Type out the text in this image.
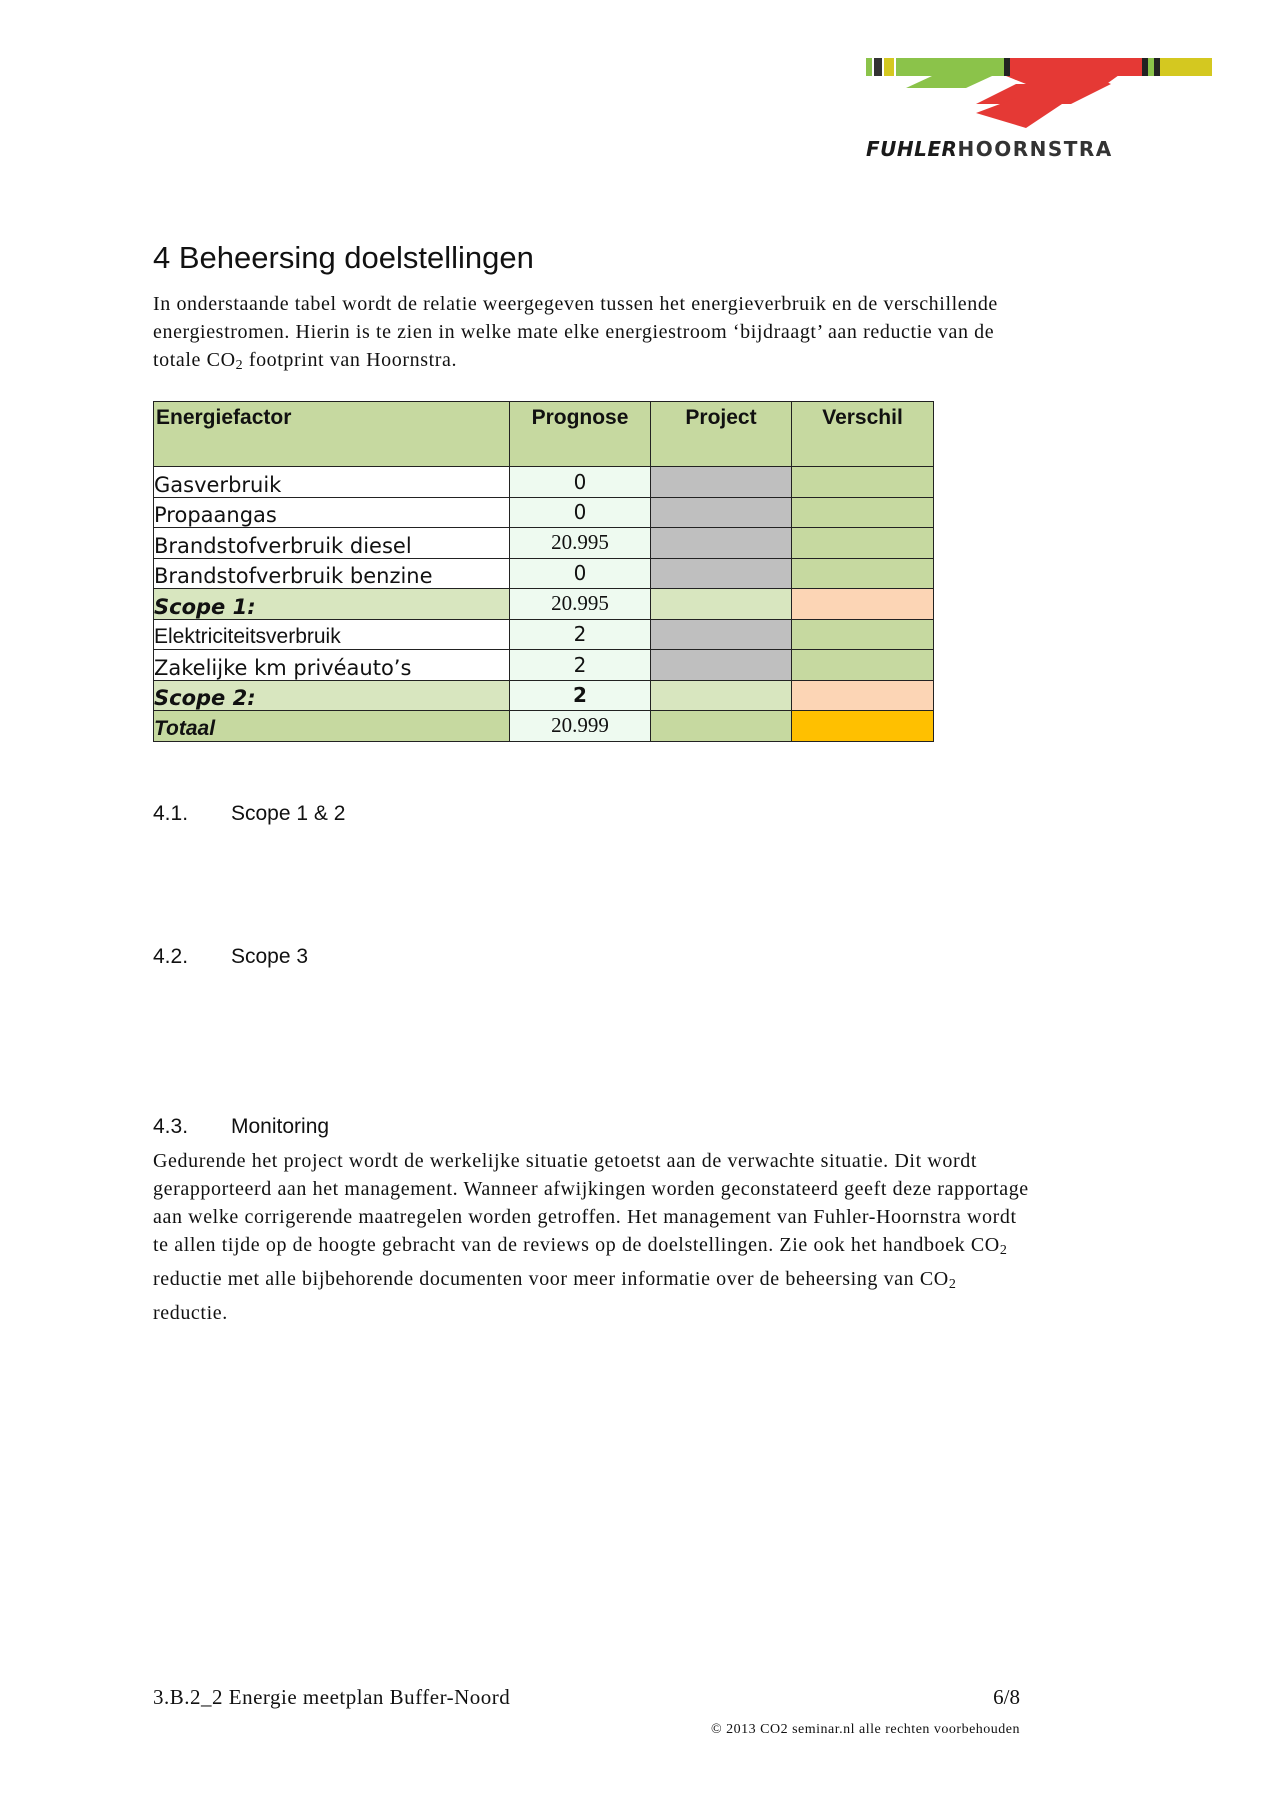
FUHLERHOORNSTRA
AANN.COMBINATIE
4 Beheersing doelstellingen

In onderstaande tabel wordt de relatie weergegeven tussen het energieverbruik en de verschillende energiestromen. Hierin is te zien in welke mate elke energiestroom ‘bijdraagt’ aan reductie van de totale $CO_2$ footprint van Hoornstra.

Energiefactor	Prognose	Project	Verschil
Gasverbruik	0		
Propaangas	0		
Brandstofverbruik diesel	20.995		
Brandstofverbruik benzine	0		
Scope 1:	20.995		
Elektriciteitsverbruik	2		
Zakelijke km privéauto’s	2		
Scope 2:	2		
Totaal	20.999		
4.1. Scope 1 & 2
4.2. Scope 3
4.3. Monitoring

Gedurende het project wordt de werkelijke situatie getoetst aan de verwachte situatie. Dit wordt gerapporteerd aan het management. Wanneer afwijkingen worden geconstateerd geeft deze rapportage aan welke corrigerende maatregelen worden getroffen. Het management van Fuhler-Hoornstra wordt te allen tijde op de hoogte gebracht van de reviews op de doelstellingen. Zie ook het handboek $CO_2$ reductie met alle bijbehorende documenten voor meer informatie over de beheersing van $CO_2$ reductie.

3.B.2_2 Energie meetplan Buffer-Noord	6/8
© 2013 CO2 seminar.nl alle rechten voorbehouden
